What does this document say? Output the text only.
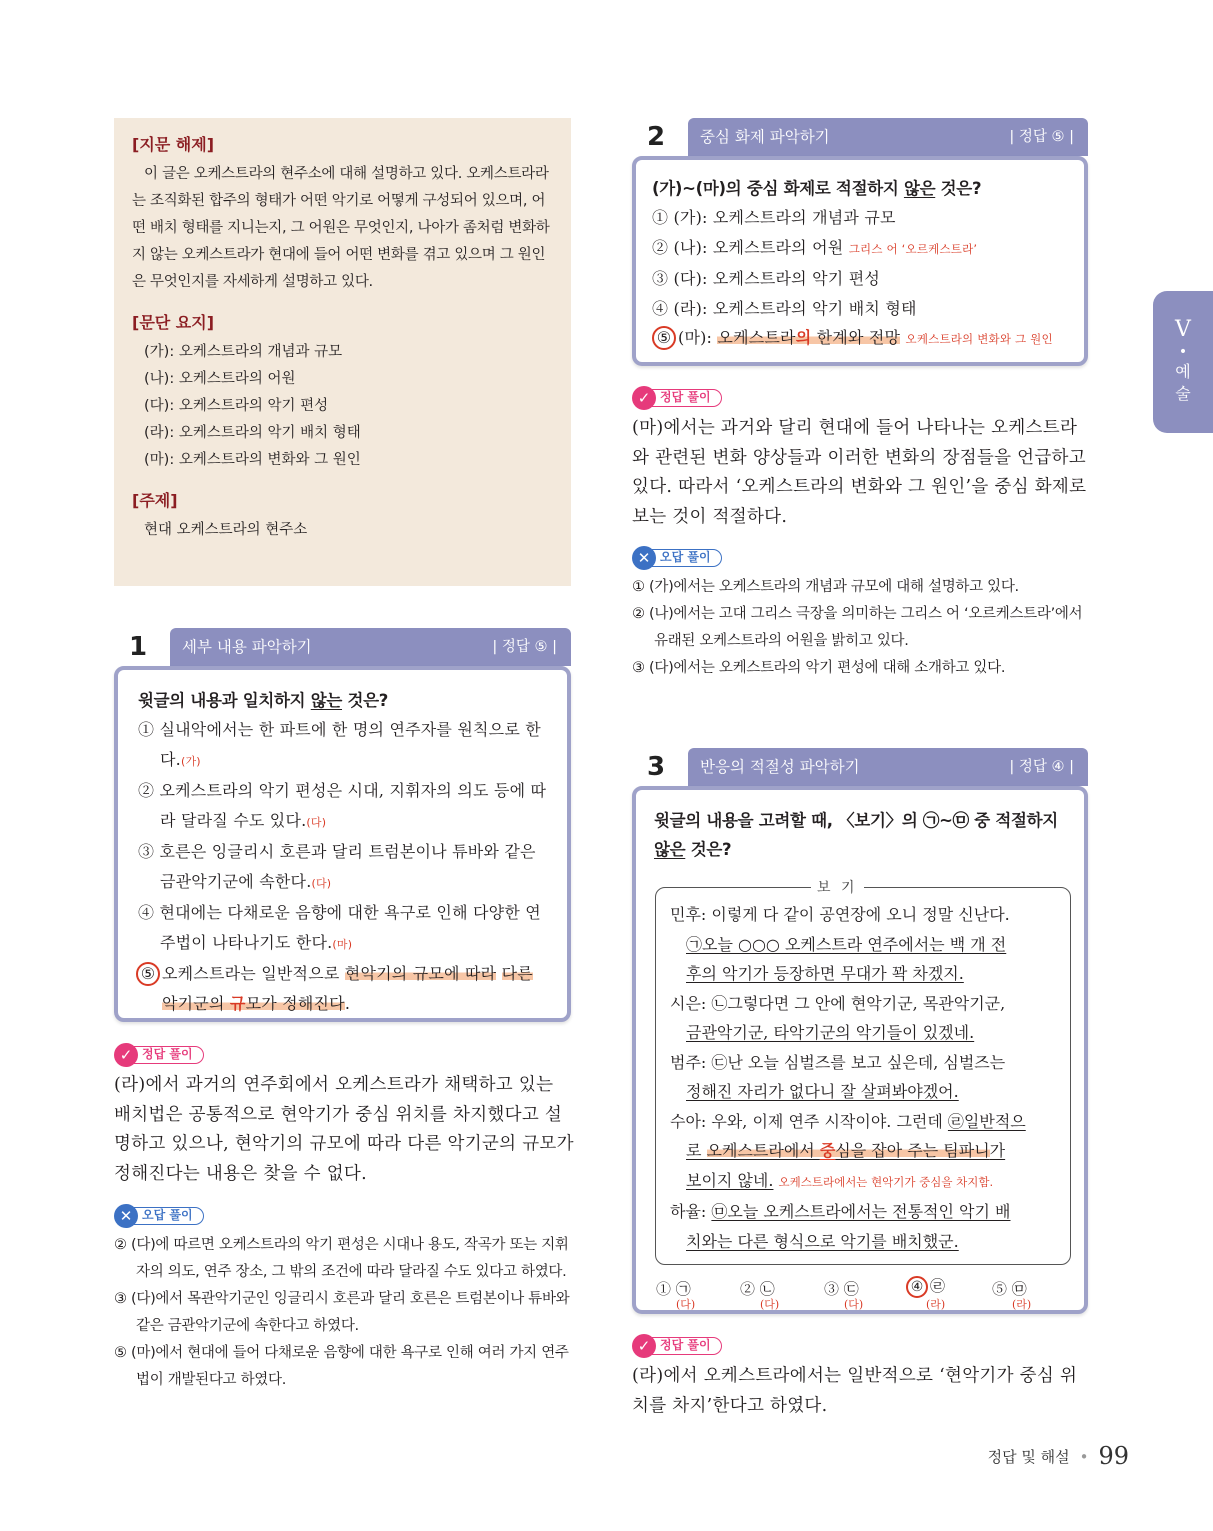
[지문 해제]
이 글은 오케스트라의 현주소에 대해 설명하고 있다. 오케스트라라는 조직화된 합주의 형태가 어떤 악기로 어떻게 구성되어 있으며, 어떤 배치 형태를 지니는지, 그 어원은 무엇인지, 나아가 좀처럼 변화하지 않는 오케스트라가 현대에 들어 어떤 변화를 겪고 있으며 그 원인은 무엇인지를 자세하게 설명하고 있다.
[문단 요지]
(가): 오케스트라의 개념과 규모
(나): 오케스트라의 어원
(다): 오케스트라의 악기 편성
(라): 오케스트라의 악기 배치 형태
(마): 오케스트라의 변화와 그 원인
[주제]
현대 오케스트라의 현주소
1	세부 내용 파악하기	| 정답 ⑤ |
윗글의 내용과 일치하지 않는 것은?
① 실내악에서는 한 파트에 한 명의 연주자를 원칙으로 한다.(가)
② 오케스트라의 악기 편성은 시대, 지휘자의 의도 등에 따라 달라질 수도 있다.(다)
③ 호른은 잉글리시 호른과 달리 트럼본이나 튜바와 같은 금관악기군에 속한다.(다)
④ 현대에는 다채로운 음향에 대한 욕구로 인해 다양한 연주법이 나타나기도 한다.(마)
⑤ 오케스트라는 일반적으로 현악기의 규모에 따라 다른 악기군의 규모가 정해진다.
✓ 정답 풀이
(라)에서 과거의 연주회에서 오케스트라가 채택하고 있는 배치법은 공통적으로 현악기가 중심 위치를 차지했다고 설명하고 있으나, 현악기의 규모에 따라 다른 악기군의 규모가 정해진다는 내용은 찾을 수 없다.
✕ 오답 풀이
② (다)에 따르면 오케스트라의 악기 편성은 시대나 용도, 작곡가 또는 지휘자의 의도, 연주 장소, 그 밖의 조건에 따라 달라질 수도 있다고 하였다.
③ (다)에서 목관악기군인 잉글리시 호른과 달리 호른은 트럼본이나 튜바와 같은 금관악기군에 속한다고 하였다.
⑤ (마)에서 현대에 들어 다채로운 음향에 대한 욕구로 인해 여러 가지 연주법이 개발된다고 하였다.
2	중심 화제 파악하기	| 정답 ⑤ |
(가)~(마)의 중심 화제로 적절하지 않은 것은?
① (가): 오케스트라의 개념과 규모
② (나): 오케스트라의 어원 그리스 어 ‘오르케스트라’
③ (다): 오케스트라의 악기 편성
④ (라): 오케스트라의 악기 배치 형태
⑤ (마): 오케스트라의 한계와 전망 오케스트라의 변화와 그 원인
✓ 정답 풀이
(마)에서는 과거와 달리 현대에 들어 나타나는 오케스트라와 관련된 변화 양상들과 이러한 변화의 장점들을 언급하고 있다. 따라서 ‘오케스트라의 변화와 그 원인’을 중심 화제로 보는 것이 적절하다.
✕ 오답 풀이
① (가)에서는 오케스트라의 개념과 규모에 대해 설명하고 있다.
② (나)에서는 고대 그리스 극장을 의미하는 그리스 어 ‘오르케스트라’에서 유래된 오케스트라의 어원을 밝히고 있다.
③ (다)에서는 오케스트라의 악기 편성에 대해 소개하고 있다.
3	반응의 적절성 파악하기	| 정답 ④ |
윗글의 내용을 고려할 때, 〈보기〉의 ㉠~㉤ 중 적절하지 않은 것은?
보 기
민후: 이렇게 다 같이 공연장에 오니 정말 신난다.
㉠오늘 ○○○ 오케스트라 연주에서는 백 개 전
후의 악기가 등장하면 무대가 꽉 차겠지.
시은: ㉡그렇다면 그 안에 현악기군, 목관악기군,
금관악기군, 타악기군의 악기들이 있겠네.
범주: ㉢난 오늘 심벌즈를 보고 싶은데, 심벌즈는
정해진 자리가 없다니 잘 살펴봐야겠어.
수아: 우와, 이제 연주 시작이야. 그런데 ㉣일반적으
로 오케스트라에서 중심을 잡아 주는 팀파니가
보이지 않네. 오케스트라에서는 현악기가 중심을 차지함.
하율: ㉤오늘 오케스트라에서는 전통적인 악기 배
치와는 다른 형식으로 악기를 배치했군.
① ㉠
(다)
② ㉡
(다)
③ ㉢
(다)
④ ㉣
(라)
⑤ ㉤
(라)
✓ 정답 풀이
(라)에서 오케스트라에서는 일반적으로 ‘현악기가 중심 위치를 차지’한다고 하였다.
V
•
예
술
정답 및 해설 • 99
